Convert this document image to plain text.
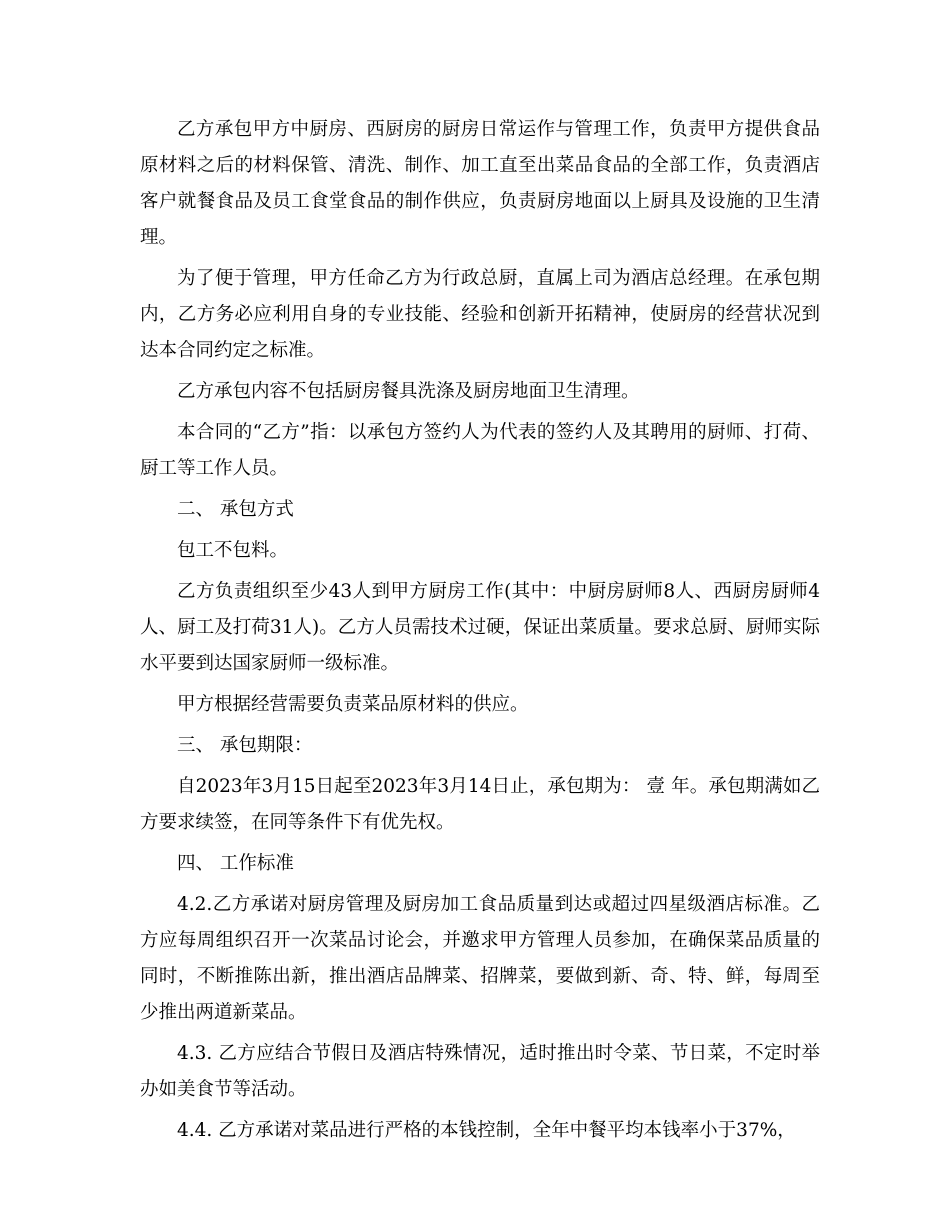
乙方承包甲方中厨房、西厨房的厨房日常运作与管理工作，负责甲方提供食品原材料之后的材料保管、清洗、制作、加工直至出菜品食品的全部工作，负责酒店客户就餐食品及员工食堂食品的制作供应，负责厨房地面以上厨具及设施的卫生清理。

为了便于管理，甲方任命乙方为行政总厨，直属上司为酒店总经理。在承包期内，乙方务必应利用自身的专业技能、经验和创新开拓精神，使厨房的经营状况到达本合同约定之标准。

乙方承包内容不包括厨房餐具洗涤及厨房地面卫生清理。

本合同的“乙方”指：以承包方签约人为代表的签约人及其聘用的厨师、打荷、厨工等工作人员。

二、 承包方式

包工不包料。

乙方负责组织至少43人到甲方厨房工作(其中：中厨房厨师8人、西厨房厨师4人、厨工及打荷31人)。乙方人员需技术过硬，保证出菜质量。要求总厨、厨师实际水平要到达国家厨师一级标准。

甲方根据经营需要负责菜品原材料的供应。

三、 承包期限：

自2023年3月15日起至2023年3月14日止，承包期为： 壹 年。承包期满如乙方要求续签，在同等条件下有优先权。

四、 工作标准

4.2.乙方承诺对厨房管理及厨房加工食品质量到达或超过四星级酒店标准。乙方应每周组织召开一次菜品讨论会，并邀求甲方管理人员参加，在确保菜品质量的同时，不断推陈出新，推出酒店品牌菜、招牌菜，要做到新、奇、特、鲜，每周至少推出两道新菜品。

4.3. 乙方应结合节假日及酒店特殊情况，适时推出时令菜、节日菜，不定时举办如美食节等活动。

4.4. 乙方承诺对菜品进行严格的本钱控制，全年中餐平均本钱率小于37%，
